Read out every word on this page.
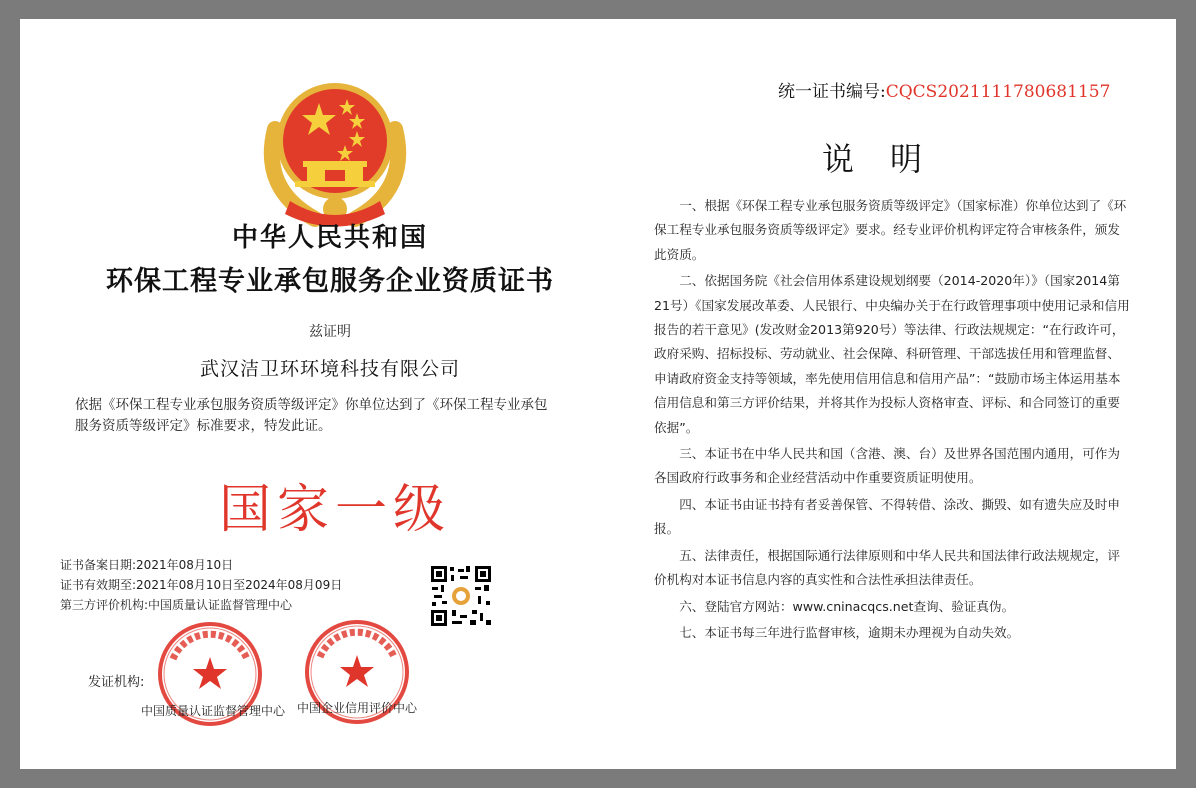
中华人民共和国
环保工程专业承包服务企业资质证书
兹证明
武汉洁卫环环境科技有限公司
依据《环保工程专业承包服务资质等级评定》你单位达到了《环保工程专业承包服务资质等级评定》标准要求，特发此证。
国家一级
证书备案日期:2021年08月10日
证书有效期至:2021年08月10日至2024年08月09日
第三方评价机构:中国质量认证监督管理中心
发证机构:
中国质量认证监督管理中心 中国企业信用评价中心
统一证书编号:CQCS2021111780681157
说明

一、根据《环保工程专业承包服务资质等级评定》（国家标准）你单位达到了《环保工程专业承包服务资质等级评定》要求。经专业评价机构评定符合审核条件，颁发此资质。

二、依据国务院《社会信用体系建设规划纲要（2014-2020年）》（国家2014第21号）《国家发展改革委、人民银行、中央编办关于在行政管理事项中使用记录和信用报告的若干意见》(发改财金2013第920号）等法律、行政法规规定：“在行政许可，政府采购、招标投标、劳动就业、社会保障、科研管理、干部选拔任用和管理监督、申请政府资金支持等领域，率先使用信用信息和信用产品”：“鼓励市场主体运用基本信用信息和第三方评价结果，并将其作为投标人资格审查、评标、和合同签订的重要依据”。

三、本证书在中华人民共和国（含港、澳、台）及世界各国范围内通用，可作为各国政府行政事务和企业经营活动中作重要资质证明使用。

四、本证书由证书持有者妥善保管、不得转借、涂改、撕毁、如有遗失应及时申报。

五、法律责任，根据国际通行法律原则和中华人民共和国法律行政法规规定，评价机构对本证书信息内容的真实性和合法性承担法律责任。

六、登陆官方网站：www.cninacqcs.net查询、验证真伪。

七、本证书每三年进行监督审核，逾期未办理视为自动失效。
